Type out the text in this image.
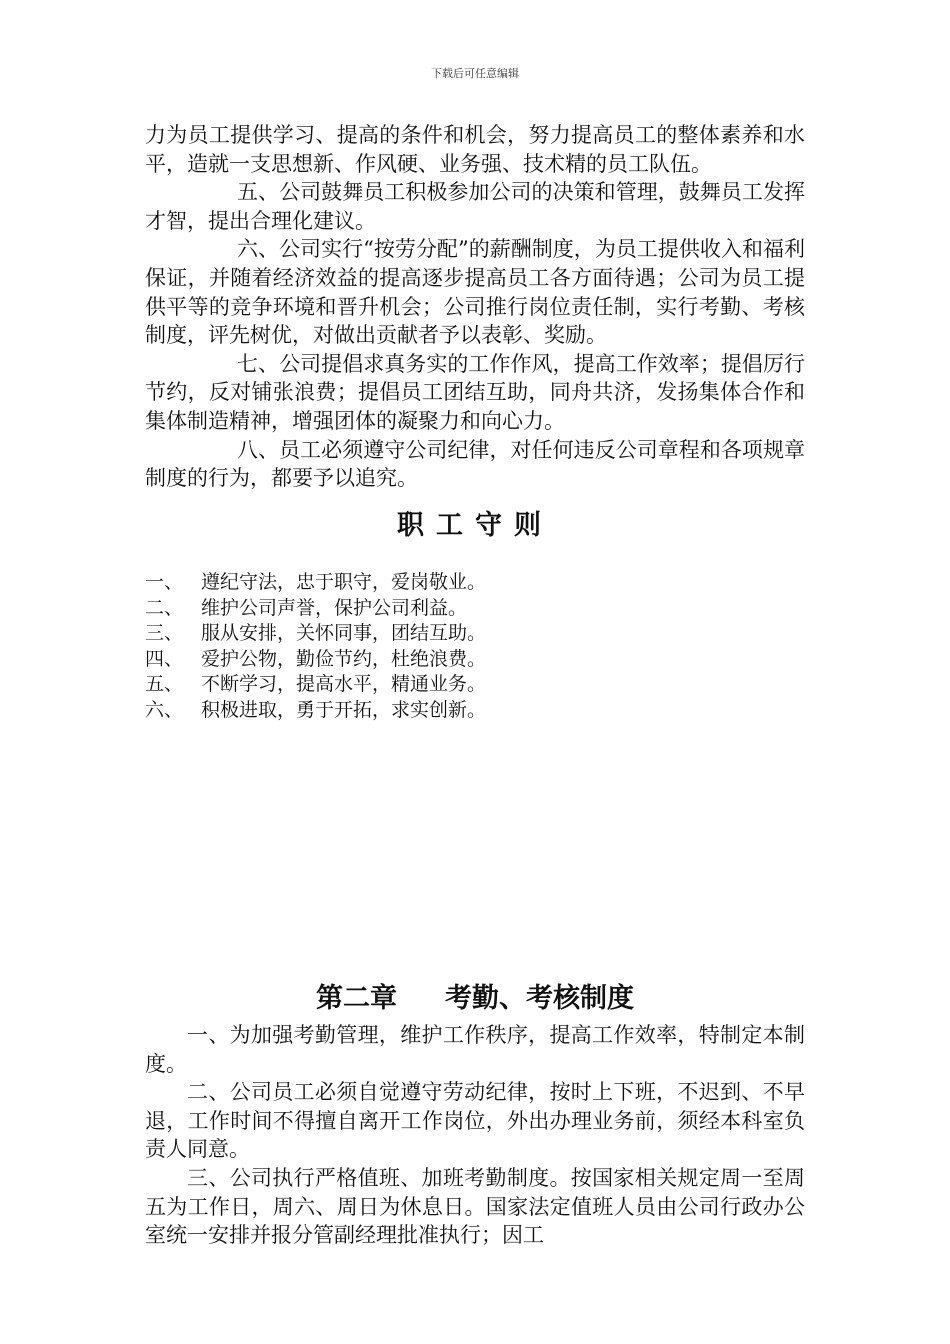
下载后可任意编辑

力为员工提供学习、提高的条件和机会，努力提高员工的整体素养和水平，造就一支思想新、作风硬、业务强、技术精的员工队伍。

五、公司鼓舞员工积极参加公司的决策和管理，鼓舞员工发挥才智，提出合理化建议。

六、公司实行“按劳分配”的薪酬制度，为员工提供收入和福利保证，并随着经济效益的提高逐步提高员工各方面待遇；公司为员工提供平等的竞争环境和晋升机会；公司推行岗位责任制，实行考勤、考核制度，评先树优，对做出贡献者予以表彰、奖励。

七、公司提倡求真务实的工作作风，提高工作效率；提倡厉行节约，反对铺张浪费；提倡员工团结互助，同舟共济，发扬集体合作和集体制造精神，增强团体的凝聚力和向心力。

八、员工必须遵守公司纪律，对任何违反公司章程和各项规章制度的行为，都要予以追究。

职工守则
一、 遵纪守法，忠于职守，爱岗敬业。
二、 维护公司声誉，保护公司利益。
三、 服从安排，关怀同事，团结互助。
四、 爱护公物，勤俭节约，杜绝浪费。
五、 不断学习，提高水平，精通业务。
六、 积极进取，勇于开拓，求实创新。
第二章 考勤、考核制度

一、为加强考勤管理，维护工作秩序，提高工作效率，特制定本制度。

二、公司员工必须自觉遵守劳动纪律，按时上下班，不迟到、不早退，工作时间不得擅自离开工作岗位，外出办理业务前，须经本科室负责人同意。

三、公司执行严格值班、加班考勤制度。按国家相关规定周一至周五为工作日，周六、周日为休息日。国家法定值班人员由公司行政办公室统一安排并报分管副经理批准执行；因工
